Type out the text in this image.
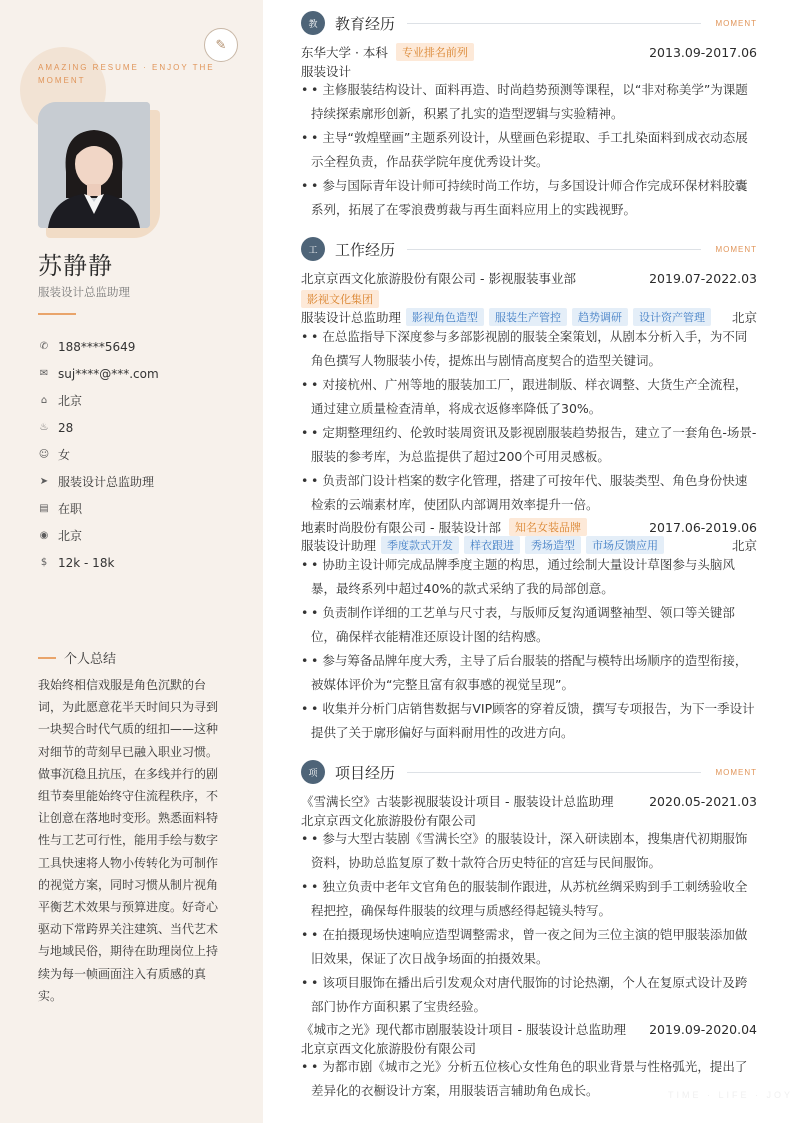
✎
AMAZING RESUME · ENJOY THE MOMENT
苏静静
服装设计总监助理
✆ 188****5649
✉ suj****@***.com
⌂ 北京
♨ 28
☺ 女
➤ 服装设计总监助理
▤ 在职
◉ 北京
$ 12k - 18k
个人总结
我始终相信戏服是角色沉默的台词，为此愿意花半天时间只为寻到一块契合时代气质的纽扣——这种对细节的苛刻早已融入职业习惯。做事沉稳且抗压，在多线并行的剧组节奏里能始终守住流程秩序，不让创意在落地时变形。熟悉面料特性与工艺可行性，能用手绘与数字工具快速将人物小传转化为可制作的视觉方案，同时习惯从制片视角平衡艺术效果与预算进度。好奇心驱动下常跨界关注建筑、当代艺术与地域民俗，期待在助理岗位上持续为每一帧画面注入有质感的真实。
教	教育经历	MOMENT
东华大学 · 本科	专业排名前列	2013.09-2017.06
服装设计
• • 主修服装结构设计、面料再造、时尚趋势预测等课程，以“非对称美学”为课题持续探索廓形创新，积累了扎实的造型逻辑与实验精神。
• • 主导“敦煌壁画”主题系列设计，从壁画色彩提取、手工扎染面料到成衣动态展示全程负责，作品获学院年度优秀设计奖。
• • 参与国际青年设计师可持续时尚工作坊，与多国设计师合作完成环保材料胶囊系列，拓展了在零浪费剪裁与再生面料应用上的实践视野。
工	工作经历	MOMENT
北京京西文化旅游股份有限公司 - 影视服装事业部	2019.07-2022.03
影视文化集团
服装设计总监助理	影视角色造型	服装生产管控	趋势调研	设计资产管理	北京
• • 在总监指导下深度参与多部影视剧的服装全案策划，从剧本分析入手，为不同角色撰写人物服装小传，提炼出与剧情高度契合的造型关键词。
• • 对接杭州、广州等地的服装加工厂，跟进制版、样衣调整、大货生产全流程，通过建立质量检查清单，将成衣返修率降低了30%。
• • 定期整理纽约、伦敦时装周资讯及影视剧服装趋势报告，建立了一套角色-场景-服装的参考库，为总监提供了超过200个可用灵感板。
• • 负责部门设计档案的数字化管理，搭建了可按年代、服装类型、角色身份快速检索的云端素材库，使团队内部调用效率提升一倍。
地素时尚股份有限公司 - 服装设计部	知名女装品牌	2017.06-2019.06
服装设计助理	季度款式开发	样衣跟进	秀场造型	市场反馈应用	北京
• • 协助主设计师完成品牌季度主题的构思，通过绘制大量设计草图参与头脑风暴，最终系列中超过40%的款式采纳了我的局部创意。
• • 负责制作详细的工艺单与尺寸表，与版师反复沟通调整袖型、领口等关键部位，确保样衣能精准还原设计图的结构感。
• • 参与筹备品牌年度大秀，主导了后台服装的搭配与模特出场顺序的造型衔接，被媒体评价为“完整且富有叙事感的视觉呈现”。
• • 收集并分析门店销售数据与VIP顾客的穿着反馈，撰写专项报告，为下一季设计提供了关于廓形偏好与面料耐用性的改进方向。
项	项目经历	MOMENT
《雪满长空》古装影视服装设计项目 - 服装设计总监助理	2020.05-2021.03
北京京西文化旅游股份有限公司
• • 参与大型古装剧《雪满长空》的服装设计，深入研读剧本，搜集唐代初期服饰资料，协助总监复原了数十款符合历史特征的宫廷与民间服饰。
• • 独立负责中老年文官角色的服装制作跟进，从苏杭丝绸采购到手工刺绣验收全程把控，确保每件服装的纹理与质感经得起镜头特写。
• • 在拍摄现场快速响应造型调整需求，曾一夜之间为三位主演的铠甲服装添加做旧效果，保证了次日战争场面的拍摄效果。
• • 该项目服饰在播出后引发观众对唐代服饰的讨论热潮，个人在复原式设计及跨部门协作方面积累了宝贵经验。
《城市之光》现代都市剧服装设计项目 - 服装设计总监助理 2019.09-2020.04
北京京西文化旅游股份有限公司
• • 为都市剧《城市之光》分析五位核心女性角色的职业背景与性格弧光，提出了差异化的衣橱设计方案，用服装语言辅助角色成长。	TIME · LIFE · JOY
